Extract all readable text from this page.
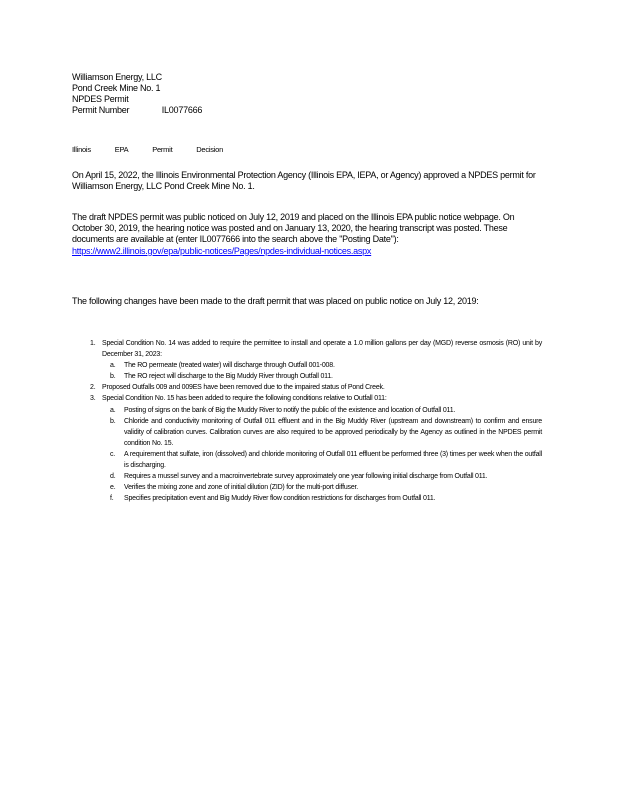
Williamson Energy, LLC
Pond Creek Mine No. 1
NPDES Permit
Permit Number	IL0077666
Illinois	EPA	Permit	Decision
On April 15, 2022, the Illinois Environmental Protection Agency (Illinois EPA, IEPA, or Agency) approved a NPDES permit for Williamson Energy, LLC Pond Creek Mine No. 1.
The draft NPDES permit was public noticed on July 12, 2019 and placed on the Illinois EPA public notice webpage. On October 30, 2019, the hearing notice was posted and on January 13, 2020, the hearing transcript was posted. These documents are available at (enter IL0077666 into the search above the "Posting Date"):
https://www2.illinois.gov/epa/public-notices/Pages/npdes-individual-notices.aspx
The following changes have been made to the draft permit that was placed on public notice on July 12, 2019:
1. Special Condition No. 14 was added to require the permittee to install and operate a 1.0 million gallons per day (MGD) reverse osmosis (RO) unit by December 31, 2023:
a. The RO permeate (treated water) will discharge through Outfall 001-008.
b. The RO reject will discharge to the Big Muddy River through Outfall 011.
2. Proposed Outfalls 009 and 009ES have been removed due to the impaired status of Pond Creek.
3. Special Condition No. 15 has been added to require the following conditions relative to Outfall 011:
a. Posting of signs on the bank of Big the Muddy River to notify the public of the existence and location of Outfall 011.
b. Chloride and conductivity monitoring of Outfall 011 effluent and in the Big Muddy River (upstream and downstream) to confirm and ensure validity of calibration curves. Calibration curves are also required to be approved periodically by the Agency as outlined in the NPDES permit condition No. 15.
c. A requirement that sulfate, iron (dissolved) and chloride monitoring of Outfall 011 effluent be performed three (3) times per week when the outfall is discharging.
d. Requires a mussel survey and a macroinvertebrate survey approximately one year following initial discharge from Outfall 011.
e. Verifies the mixing zone and zone of initial dilution (ZID) for the multi-port diffuser.
f. Specifies precipitation event and Big Muddy River flow condition restrictions for discharges from Outfall 011.
